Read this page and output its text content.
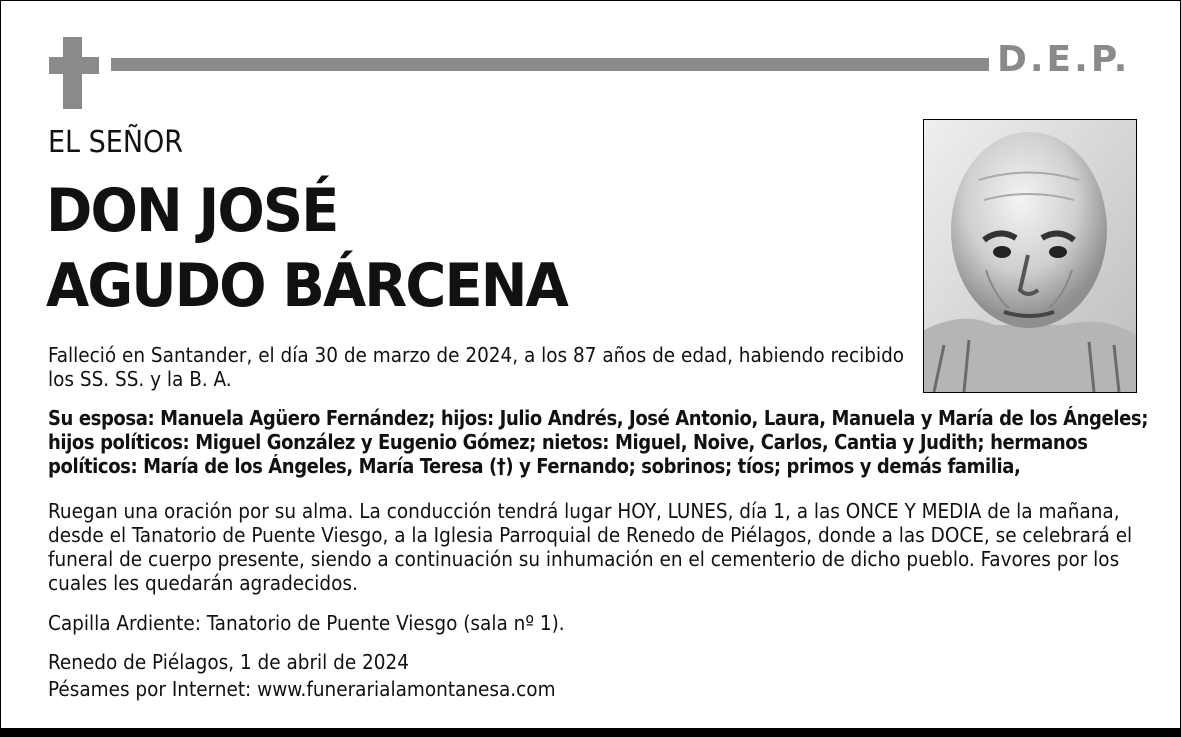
D.E.P.
EL SEÑOR
DON JOSÉ
AGUDO BÁRCENA

Falleció en Santander, el día 30 de marzo de 2024, a los 87 años de edad, habiendo recibido los SS. SS. y la B. A.

Su esposa: Manuela Agüero Fernández; hijos: Julio Andrés, José Antonio, Laura, Manuela y María de los Ángeles; hijos políticos: Miguel González y Eugenio Gómez; nietos: Miguel, Noive, Carlos, Cantia y Judith; hermanos políticos: María de los Ángeles, María Teresa (†) y Fernando; sobrinos; tíos; primos y demás familia,

Ruegan una oración por su alma. La conducción tendrá lugar HOY, LUNES, día 1, a las ONCE Y MEDIA de la mañana, desde el Tanatorio de Puente Viesgo, a la Iglesia Parroquial de Renedo de Piélagos, donde a las DOCE, se celebrará el funeral de cuerpo presente, siendo a continuación su inhumación en el cementerio de dicho pueblo. Favores por los cuales les quedarán agradecidos.

Capilla Ardiente: Tanatorio de Puente Viesgo (sala nº 1).

Renedo de Piélagos, 1 de abril de 2024

Pésames por Internet: www.funerarialamontanesa.com
